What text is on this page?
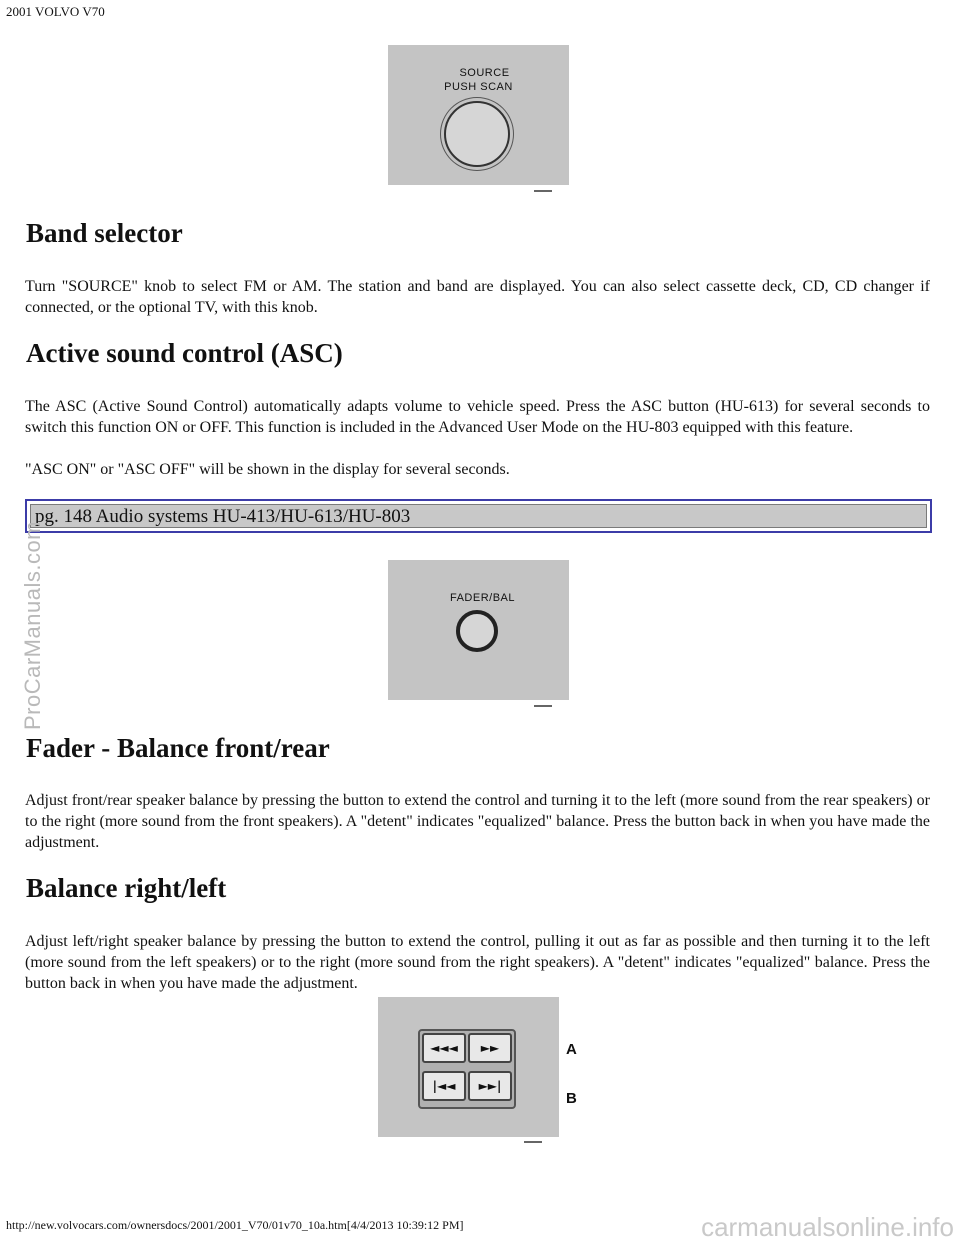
2001 VOLVO V70
SOURCE
PUSH SCAN
Band selector

Turn "SOURCE" knob to select FM or AM. The station and band are displayed. You can also select cassette deck, CD, CD changer if connected, or the optional TV, with this knob.

Active sound control (ASC)

The ASC (Active Sound Control) automatically adapts volume to vehicle speed. Press the ASC button (HU-613) for several seconds to switch this function ON or OFF. This function is included in the Advanced User Mode on the HU-803 equipped with this feature.

"ASC ON" or "ASC OFF" will be shown in the display for several seconds.

pg. 148 Audio systems HU-413/HU-613/HU-803
FADER/BAL
Fader - Balance front/rear

Adjust front/rear speaker balance by pressing the button to extend the control and turning it to the left (more sound from the rear speakers) or to the right (more sound from the front speakers). A "detent" indicates "equalized" balance. Press the button back in when you have made the adjustment.

Balance right/left

Adjust left/right speaker balance by pressing the button to extend the control, pulling it out as far as possible and then turning it to the left (more sound from the left speakers) or to the right (more sound from the right speakers). A "detent" indicates "equalized" balance. Press the button back in when you have made the adjustment.

◄◄◄	►►
|◄◄	►►|
A
B
http://new.volvocars.com/ownersdocs/2001/2001_V70/01v70_10a.htm[4/4/2013 10:39:12 PM]
ProCarManuals.com
carmanualsonline.info
